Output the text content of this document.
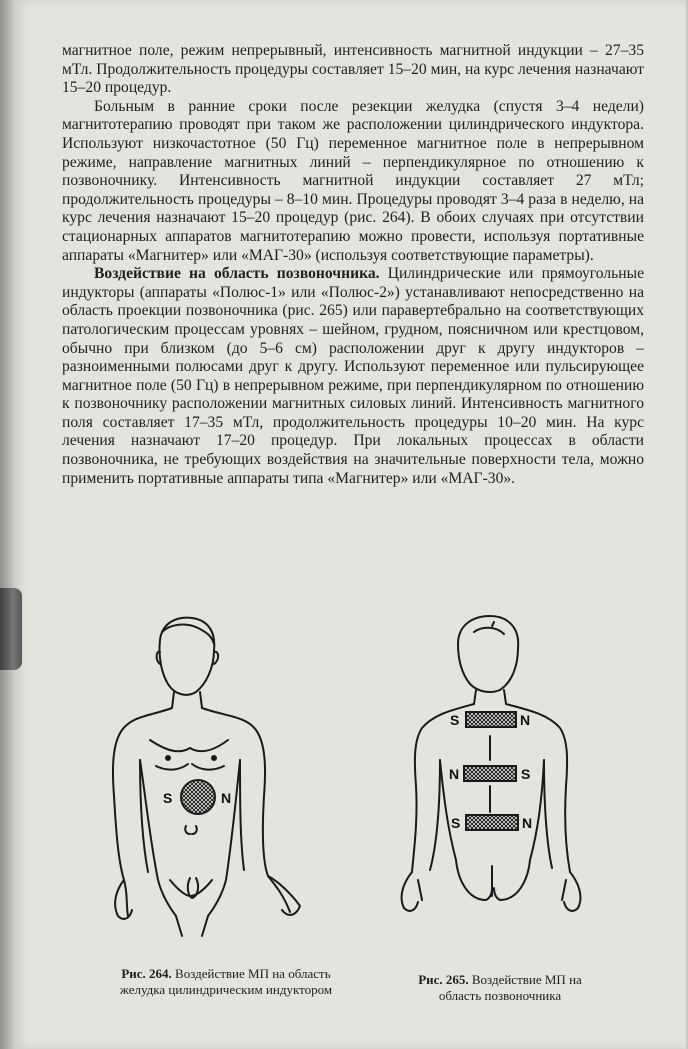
магнитное поле, режим непрерывный, интенсивность магнитной индукции – 27–35 мТл. Продолжительность процедуры составляет 15–20 мин, на курс лечения назначают 15–20 процедур.

Больным в ранние сроки после резекции желудка (спустя 3–4 недели) магнитотерапию проводят при таком же расположении цилиндрического индуктора. Используют низкочастотное (50 Гц) переменное магнитное поле в непрерывном режиме, направление магнитных линий – перпендикулярное по отношению к позвоночнику. Интенсивность магнитной индукции составляет 27 мТл; продолжительность процедуры – 8–10 мин. Процедуры проводят 3–4 раза в неделю, на курс лечения назначают 15–20 процедур (рис. 264). В обоих случаях при отсутствии стационарных аппаратов магнитотерапию можно провести, используя портативные аппараты «Магнитер» или «МАГ-30» (используя соответствующие параметры).

Воздействие на область позвоночника. Цилиндрические или прямоугольные индукторы (аппараты «Полюс-1» или «Полюс-2») устанавливают непосредственно на область проекции позвоночника (рис. 265) или паравертебрально на соответствующих патологическим процессам уровнях – шейном, грудном, поясничном или крестцовом, обычно при близком (до 5–6 см) расположении друг к другу индукторов – разноименными полюсами друг к другу. Используют переменное или пульсирующее магнитное поле (50 Гц) в непрерывном режиме, при перпендикулярном по отношению к позвоночнику расположении магнитных силовых линий. Интенсивность магнитного поля составляет 17–35 мТл, продолжительность процедуры 10–20 мин. На курс лечения назначают 17–20 процедур. При локальных процессах в области позвоночника, не требующих воздействия на значительные поверхности тела, можно применить портативные аппараты типа «Магнитер» или «МАГ-30».

S	N
S	N
N	S
S	N
Рис. 264. Воздействие МП на область желудка цилиндрическим индуктором
Рис. 265. Воздействие МП на область позвоночника
